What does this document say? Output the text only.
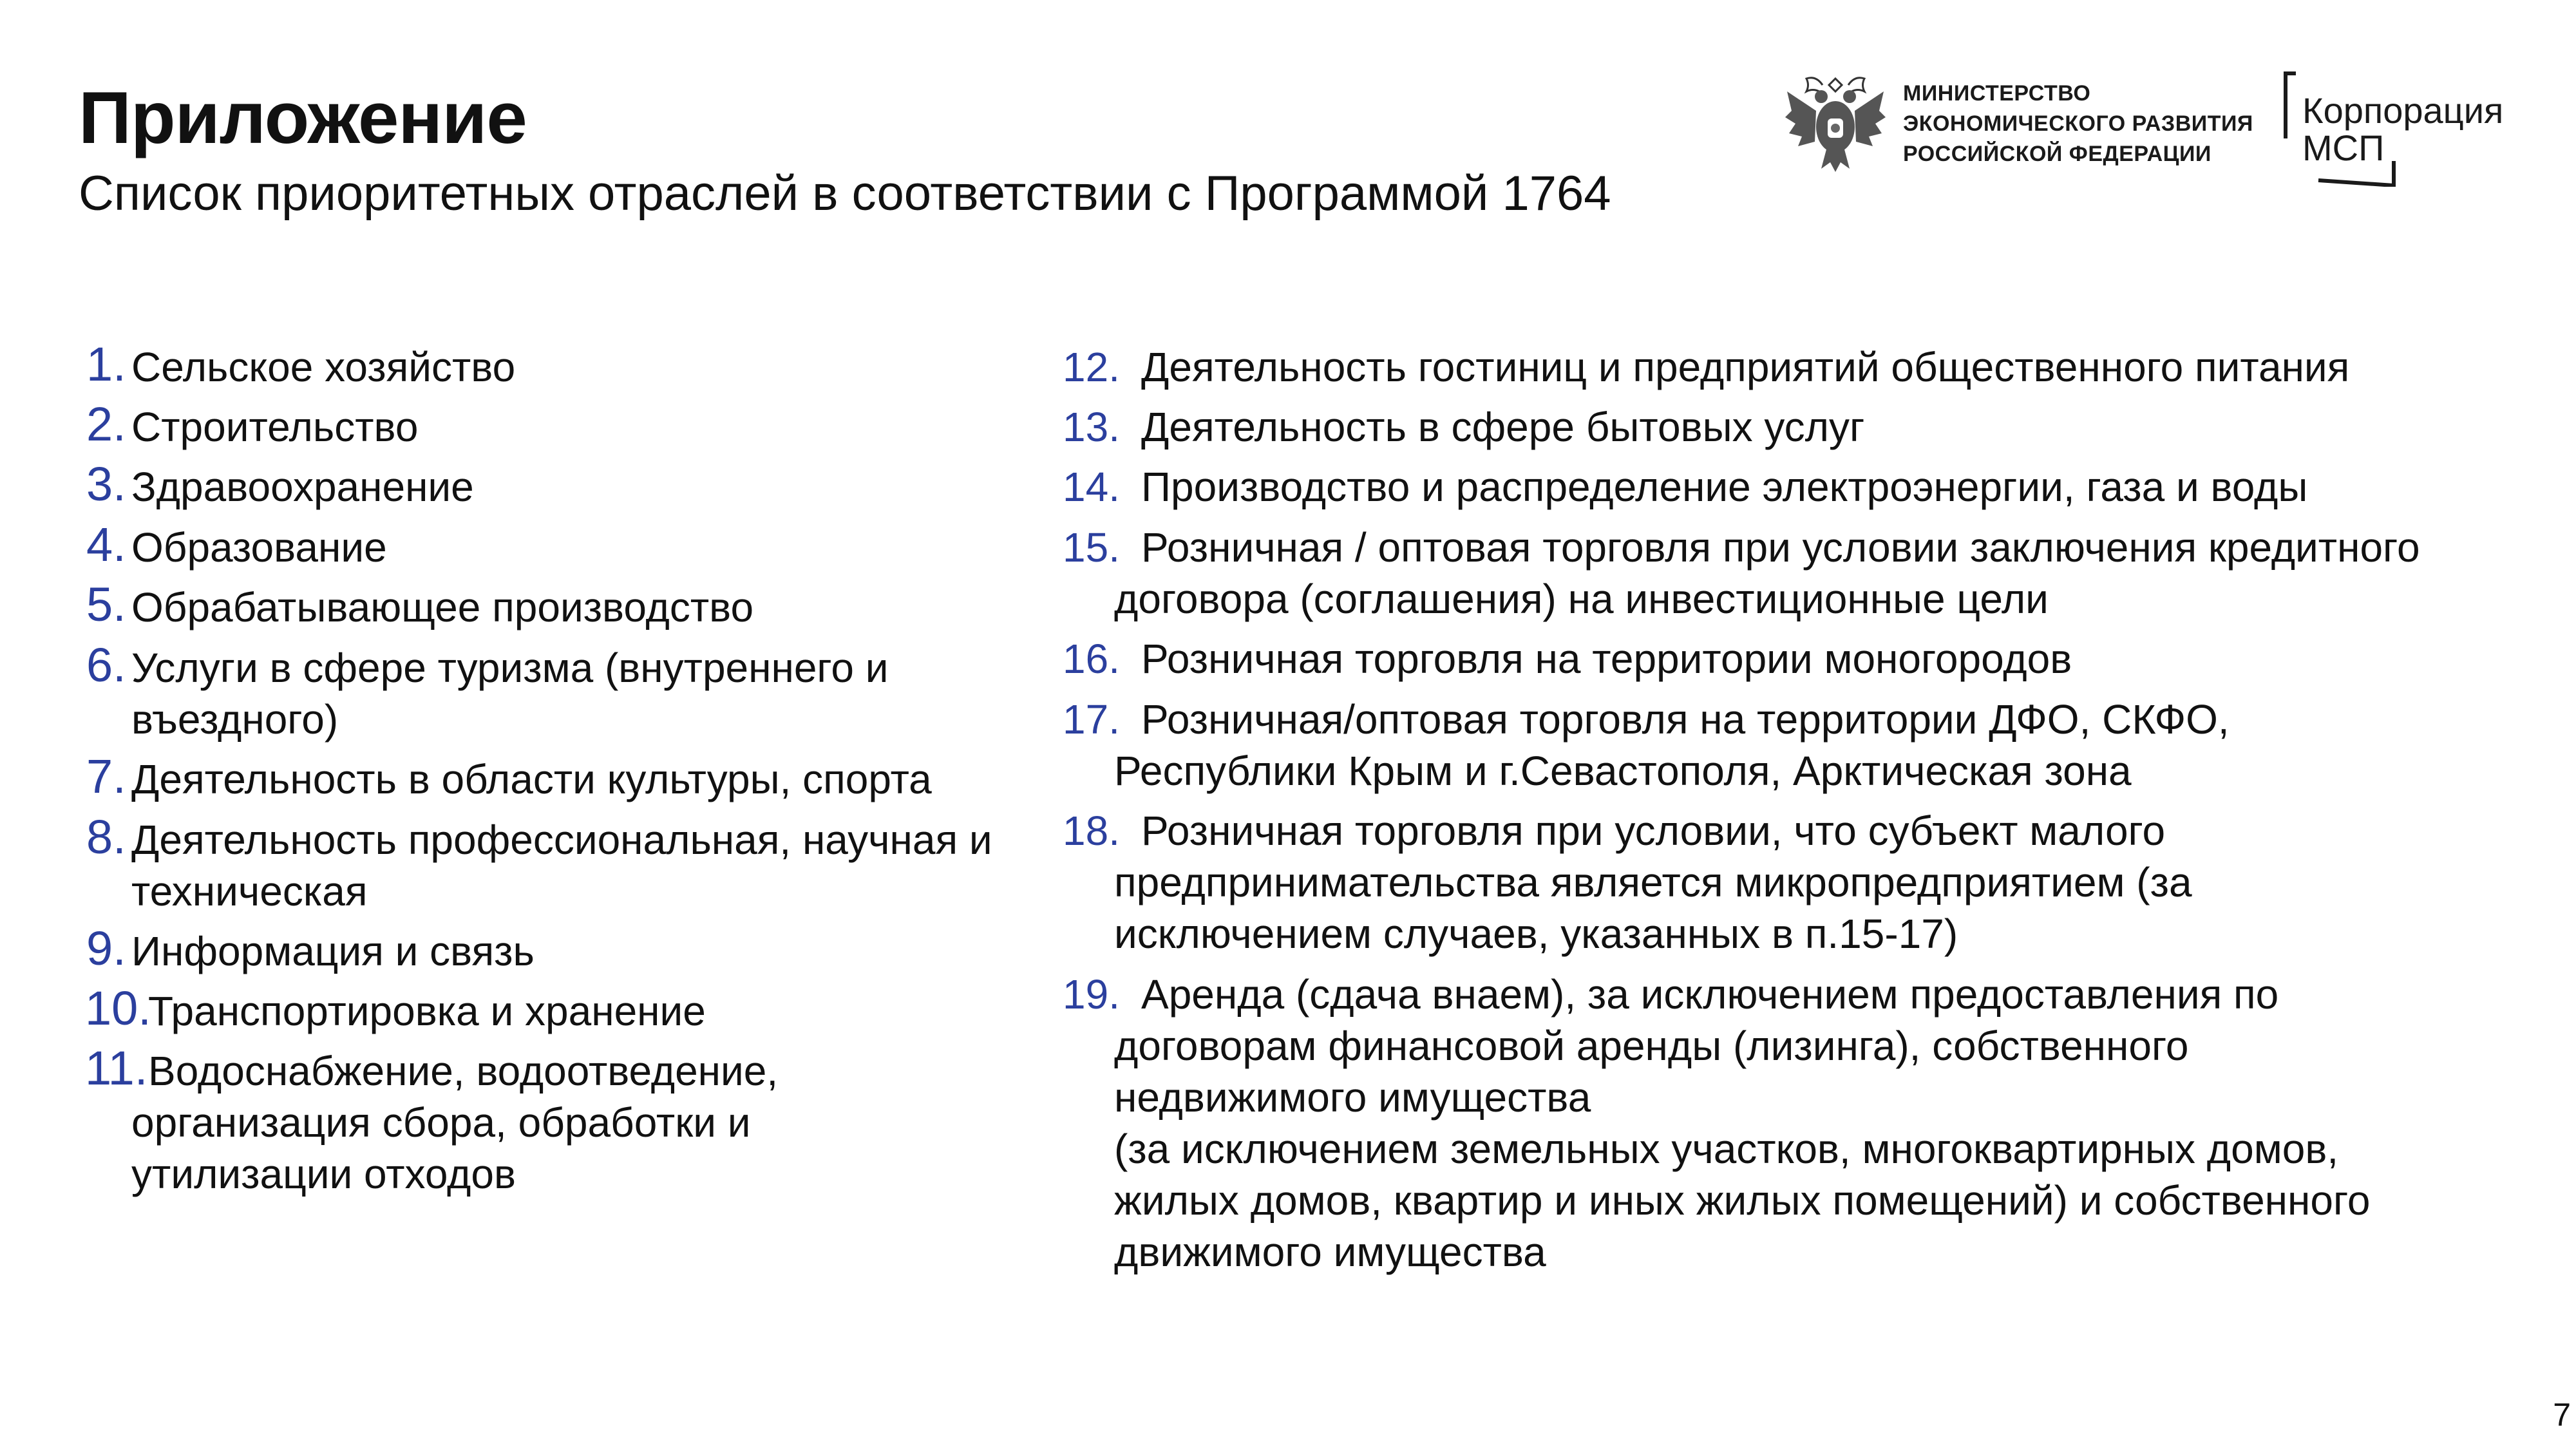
Приложение
Список приоритетных отраслей в соответствии с Программой 1764
МИНИСТЕРСТВО
ЭКОНОМИЧЕСКОГО РАЗВИТИЯ
РОССИЙСКОЙ ФЕДЕРАЦИИ
Корпорация
МСП
1. Сельское хозяйство
2. Строительство
3. Здравоохранение
4. Образование
5. Обрабатывающее производство
6. Услуги в сфере туризма (внутреннего и въездного)
7. Деятельность в области культуры, спорта
8. Деятельность профессиональная, научная и техническая
9. Информация и связь
10.
Транспортировка и хранение
11. Водоснабжение, водоотведение, организация сбора, обработки и утилизации отходов
12. Деятельность гостиниц и предприятий общественного питания
13. Деятельность в сфере бытовых услуг
14. Производство и распределение электроэнергии, газа и воды
15. Розничная / оптовая торговля при условии заключения кредитного договора (соглашения) на инвестиционные цели
16. Розничная торговля на территории моногородов
17. Розничная/оптовая торговля на территории ДФО, СКФО, Республики Крым и г.Севастополя, Арктическая зона
18. Розничная торговля при условии, что субъект малого предпринимательства является микропредприятием (за исключением случаев, указанных в п.15-17)
19. Аренда (сдача внаем), за исключением предоставления по договорам финансовой аренды (лизинга), собственного недвижимого имущества
(за исключением земельных участков, многоквартирных домов, жилых домов, квартир и иных жилых помещений) и собственного движимого имущества
7
